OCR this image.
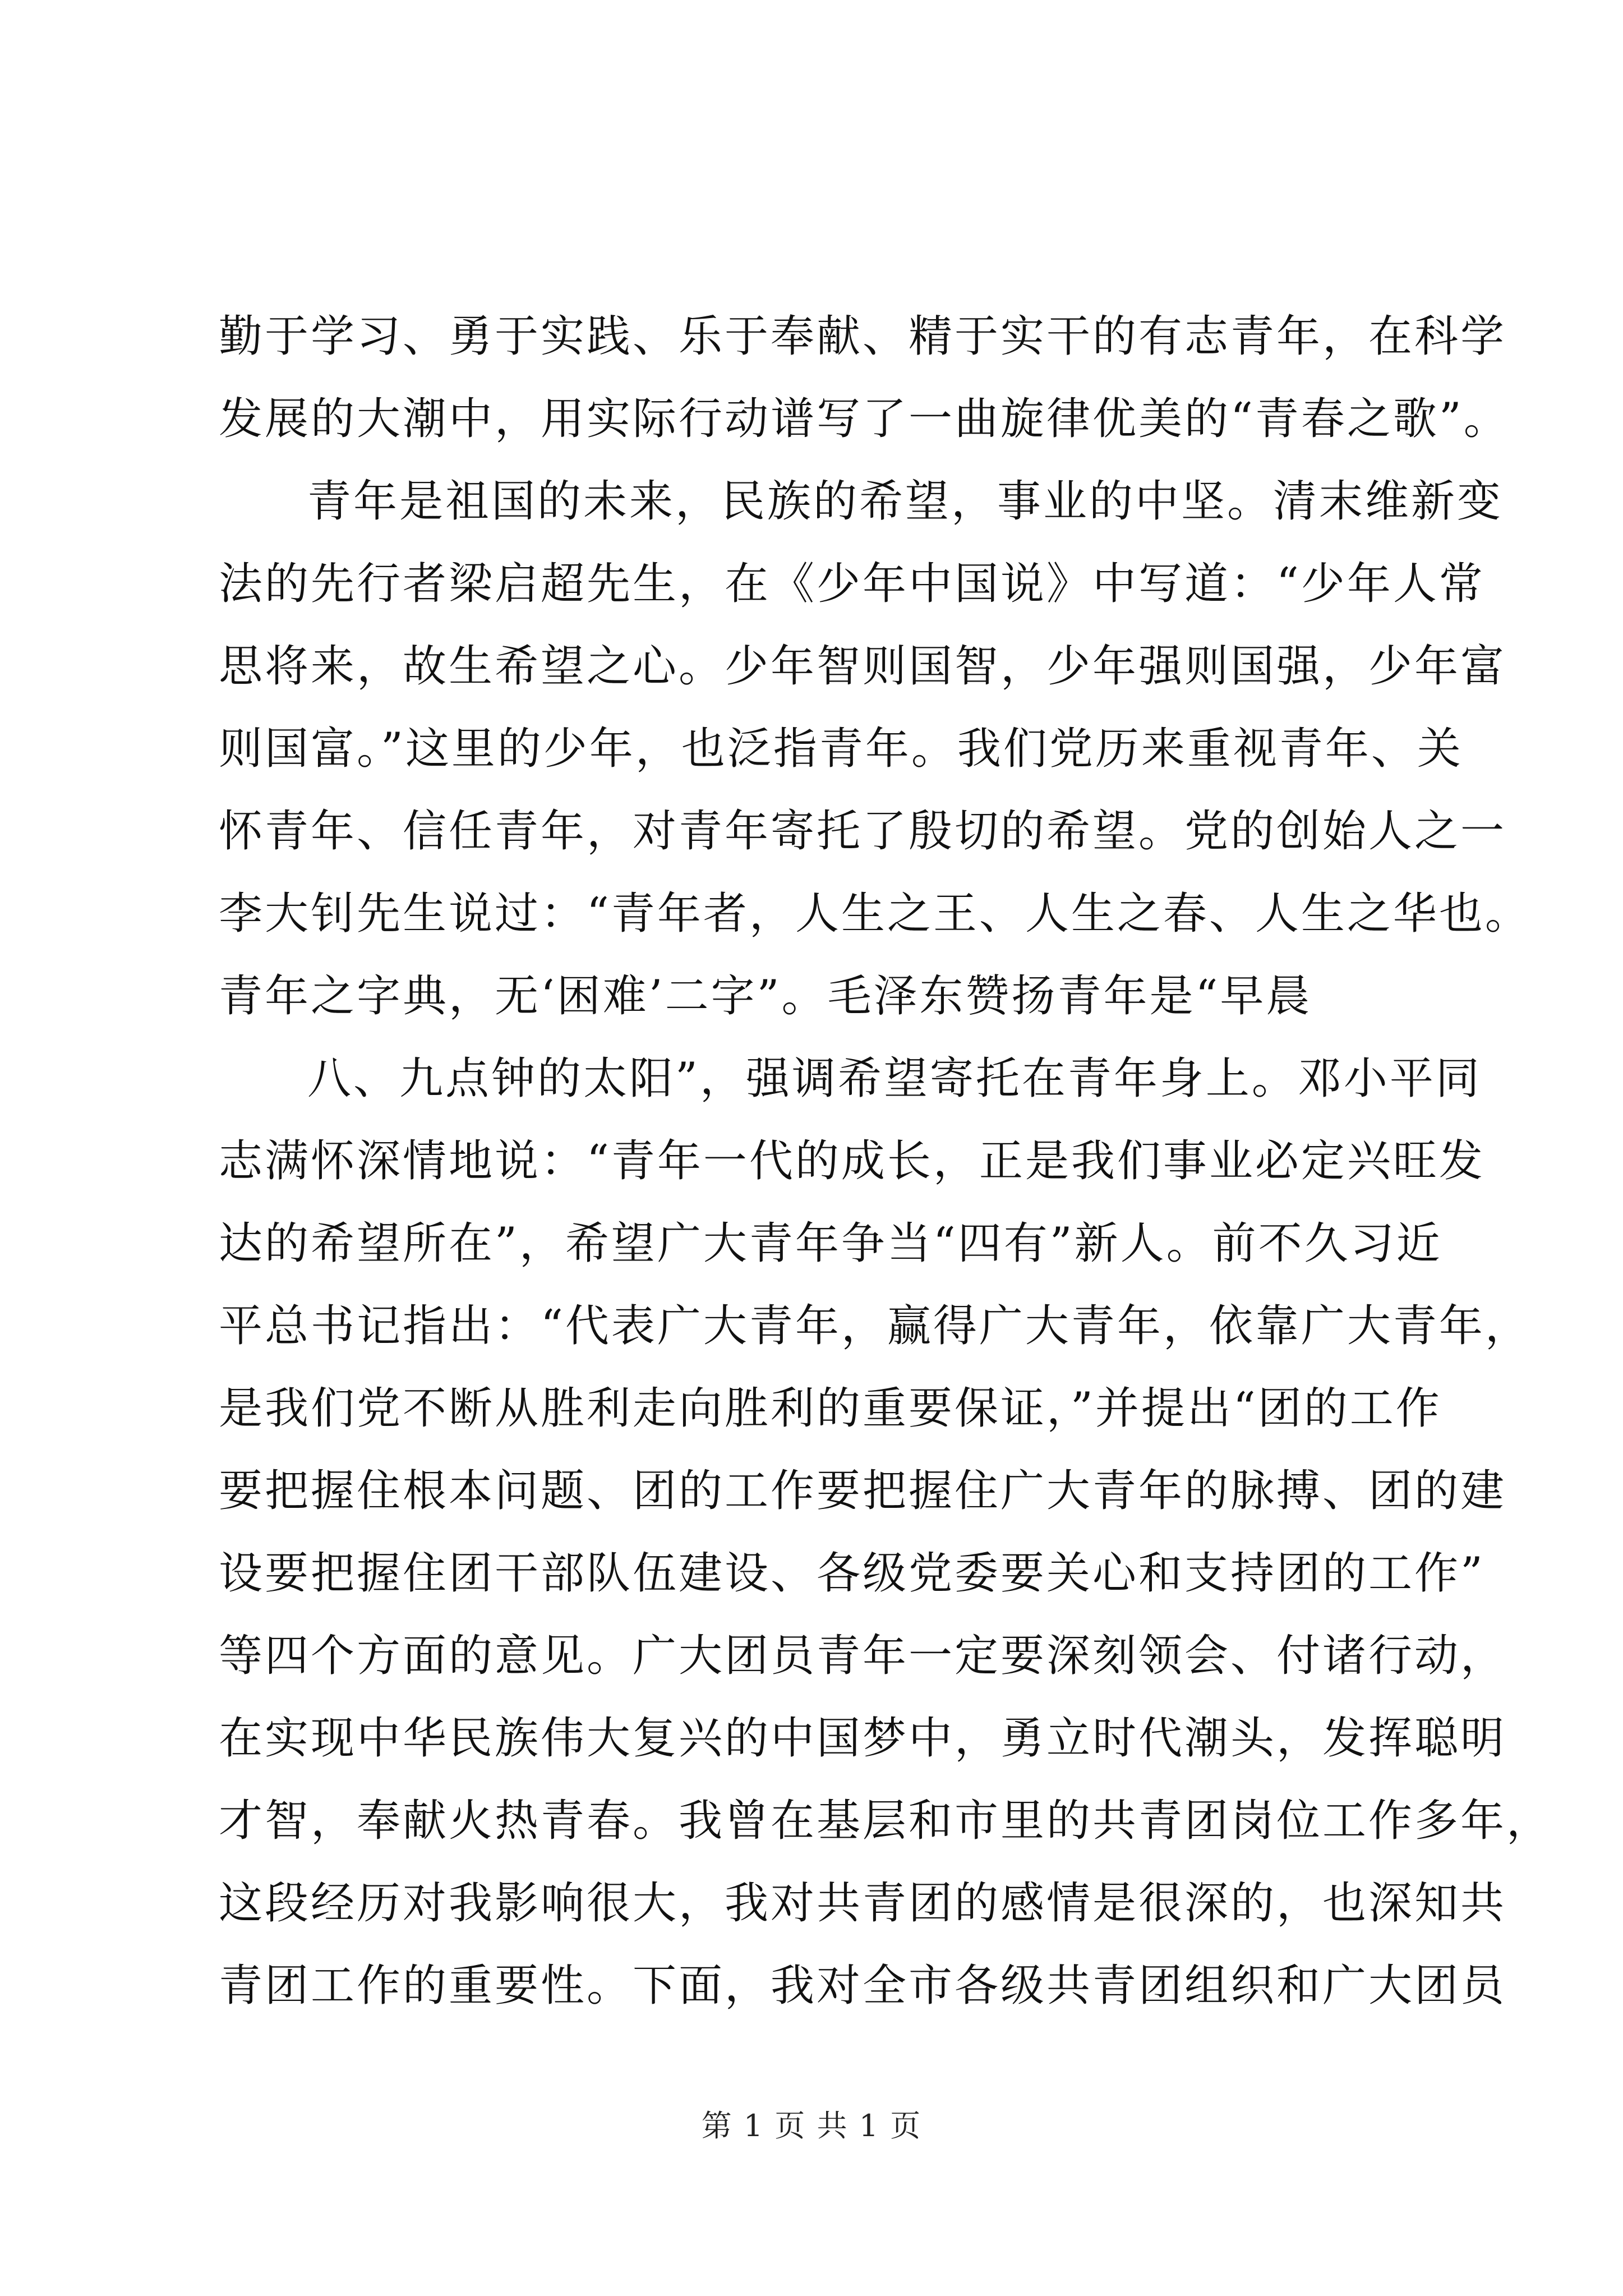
勤于学习、勇于实践、乐于奉献、精于实干的有志青年，在科学
发展的大潮中，用实际行动谱写了一曲旋律优美的“青春之歌”。
青年是祖国的未来，民族的希望，事业的中坚。清末维新变
法的先行者梁启超先生，在《少年中国说》中写道：“少年人常
思将来，故生希望之心。少年智则国智，少年强则国强，少年富
则国富。”这里的少年，也泛指青年。我们党历来重视青年、关
怀青年、信任青年，对青年寄托了殷切的希望。党的创始人之一
李大钊先生说过：“青年者，人生之王、人生之春、人生之华也。
青年之字典，无‘困难’二字”。毛泽东赞扬青年是“早晨
八、九点钟的太阳”，强调希望寄托在青年身上。邓小平同
志满怀深情地说：“青年一代的成长，正是我们事业必定兴旺发
达的希望所在”，希望广大青年争当“四有”新人。前不久习近
平总书记指出：“代表广大青年，赢得广大青年，依靠广大青年，
是我们党不断从胜利走向胜利的重要保证，”并提出“团的工作
要把握住根本问题、团的工作要把握住广大青年的脉搏、团的建
设要把握住团干部队伍建设、各级党委要关心和支持团的工作”
等四个方面的意见。广大团员青年一定要深刻领会、付诸行动，
在实现中华民族伟大复兴的中国梦中，勇立时代潮头，发挥聪明
才智，奉献火热青春。我曾在基层和市里的共青团岗位工作多年，
这段经历对我影响很大，我对共青团的感情是很深的，也深知共
青团工作的重要性。下面，我对全市各级共青团组织和广大团员
第 1 页 共 1 页
